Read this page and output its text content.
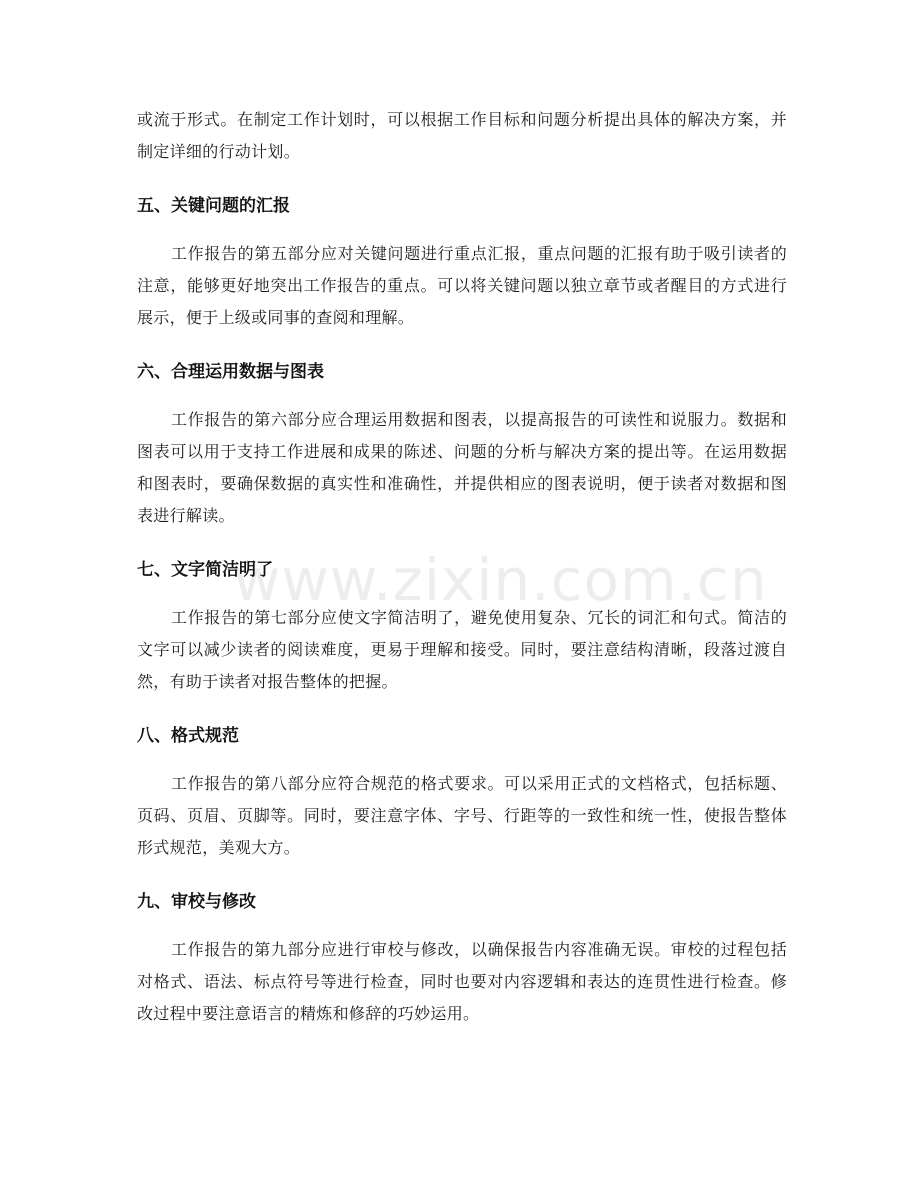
或流于形式。在制定工作计划时，可以根据工作目标和问题分析提出具体的解决方案，并制定详细的行动计划。

五、关键问题的汇报

工作报告的第五部分应对关键问题进行重点汇报，重点问题的汇报有助于吸引读者的注意，能够更好地突出工作报告的重点。可以将关键问题以独立章节或者醒目的方式进行展示，便于上级或同事的查阅和理解。

六、合理运用数据与图表

工作报告的第六部分应合理运用数据和图表，以提高报告的可读性和说服力。数据和图表可以用于支持工作进展和成果的陈述、问题的分析与解决方案的提出等。在运用数据和图表时，要确保数据的真实性和准确性，并提供相应的图表说明，便于读者对数据和图表进行解读。

七、文字简洁明了

工作报告的第七部分应使文字简洁明了，避免使用复杂、冗长的词汇和句式。简洁的文字可以减少读者的阅读难度，更易于理解和接受。同时，要注意结构清晰，段落过渡自然，有助于读者对报告整体的把握。

八、格式规范

工作报告的第八部分应符合规范的格式要求。可以采用正式的文档格式，包括标题、页码、页眉、页脚等。同时，要注意字体、字号、行距等的一致性和统一性，使报告整体形式规范，美观大方。

九、审校与修改

工作报告的第九部分应进行审校与修改，以确保报告内容准确无误。审校的过程包括对格式、语法、标点符号等进行检查，同时也要对内容逻辑和表达的连贯性进行检查。修改过程中要注意语言的精炼和修辞的巧妙运用。

www.zixin.com.cn
